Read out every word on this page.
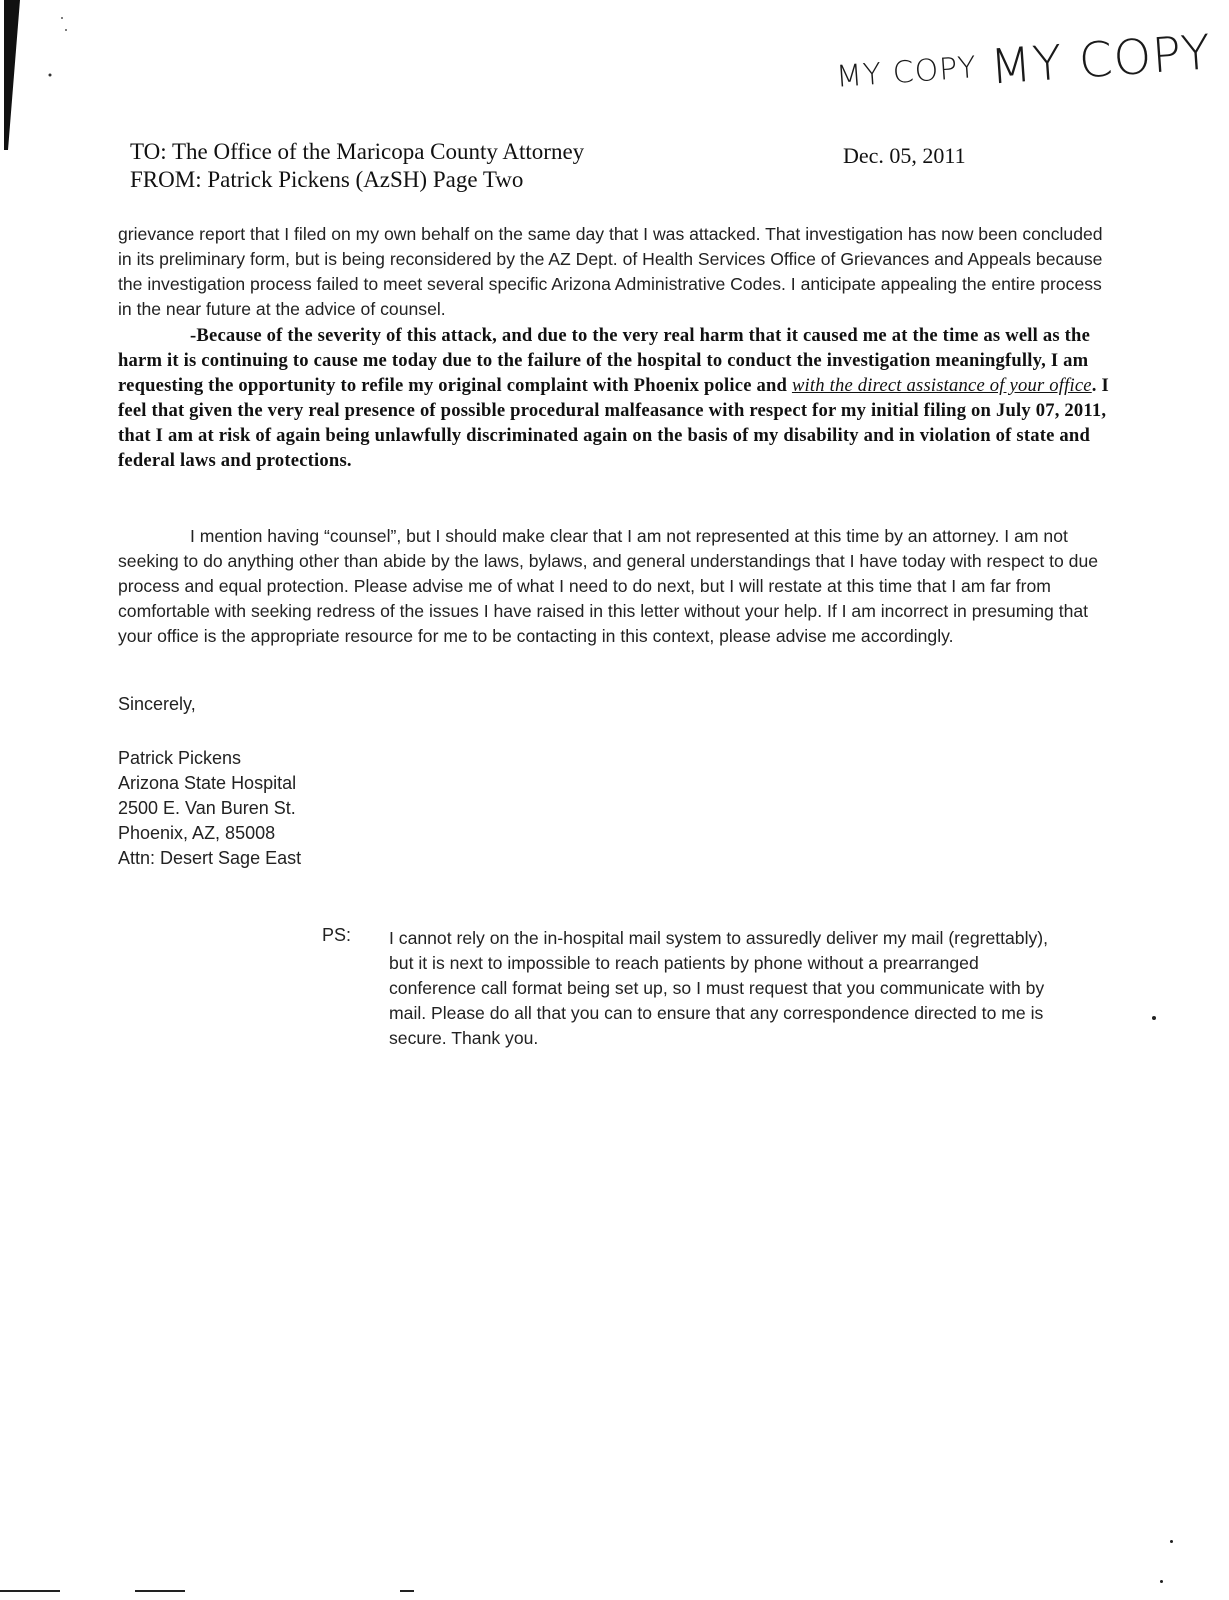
MY COPY MY COPY
TO: The Office of the Maricopa County Attorney
FROM: Patrick Pickens (AzSH) Page Two
Dec. 05, 2011

grievance report that I filed on my own behalf on the same day that I was attacked. That investigation has now been concluded in its preliminary form, but is being reconsidered by the AZ Dept. of Health Services Office of Grievances and Appeals because the investigation process failed to meet several specific Arizona Administrative Codes. I anticipate appealing the entire process in the near future at the advice of counsel.

-Because of the severity of this attack, and due to the very real harm that it caused me at the time as well as the harm it is continuing to cause me today due to the failure of the hospital to conduct the investigation meaningfully, I am requesting the opportunity to refile my original complaint with Phoenix police and with the direct assistance of your office. I feel that given the very real presence of possible procedural malfeasance with respect for my initial filing on July 07, 2011, that I am at risk of again being unlawfully discriminated again on the basis of my disability and in violation of state and federal laws and protections.

I mention having “counsel”, but I should make clear that I am not represented at this time by an attorney. I am not seeking to do anything other than abide by the laws, bylaws, and general understandings that I have today with respect to due process and equal protection. Please advise me of what I need to do next, but I will restate at this time that I am far from comfortable with seeking redress of the issues I have raised in this letter without your help. If I am incorrect in presuming that your office is the appropriate resource for me to be contacting in this context, please advise me accordingly.

Sincerely,
Patrick Pickens
Arizona State Hospital
2500 E. Van Buren St.
Phoenix, AZ, 85008
Attn: Desert Sage East
PS: I cannot rely on the in-hospital mail system to assuredly deliver my mail (regrettably), but it is next to impossible to reach patients by phone without a prearranged conference call format being set up, so I must request that you communicate with by mail. Please do all that you can to ensure that any correspondence directed to me is secure. Thank you.
